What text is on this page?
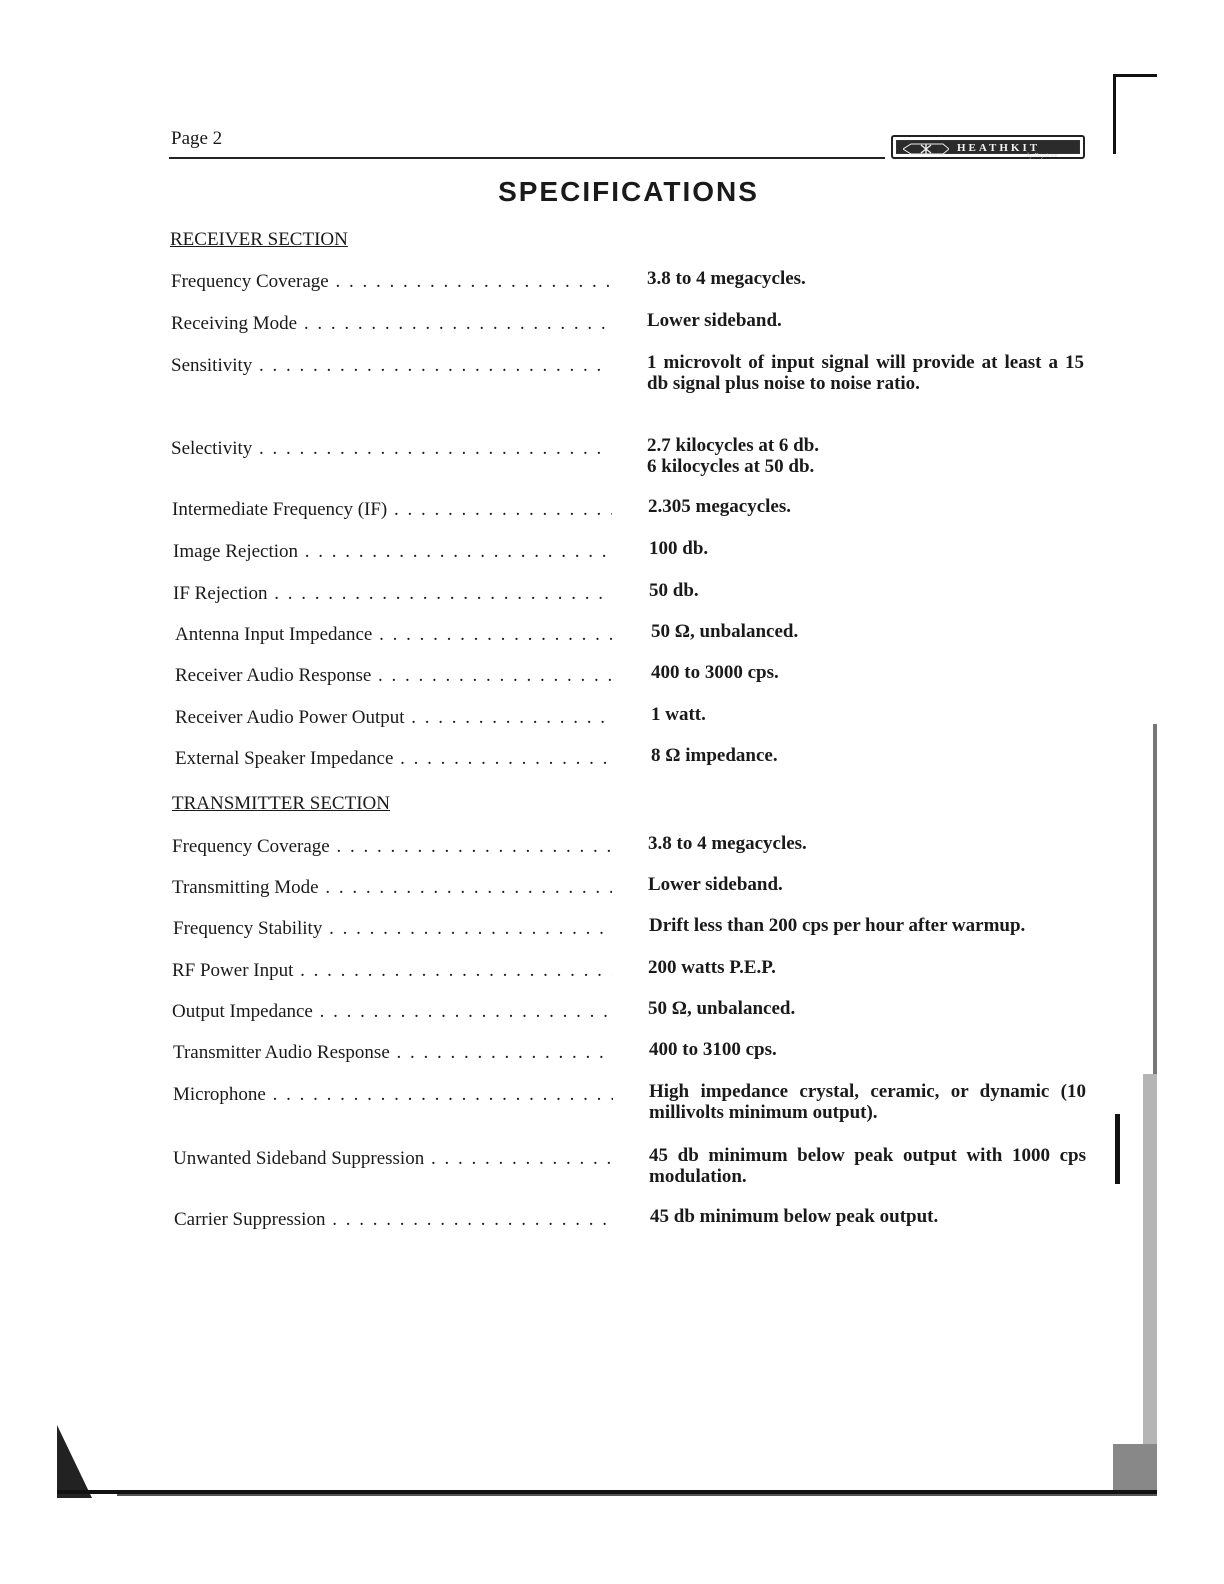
Page 2	HEATHKIT
by Daystrom
SPECIFICATIONS
RECEIVER SECTION
Frequency Coverage . . .	3.8 to 4 megacycles.
Receiving Mode . . .	Lower sideband.
Sensitivity . . .	1 microvolt of input signal will provide at least a 15 db signal plus noise to noise ratio.
Selectivity . . .	2.7 kilocycles at 6 db.
6 kilocycles at 50 db.
Intermediate Frequency (IF) . . .	2.305 megacycles.
Image Rejection . . .	100 db.
IF Rejection . . .	50 db.
Antenna Input Impedance . . .	50 Ω, unbalanced.
Receiver Audio Response . . .	400 to 3000 cps.
Receiver Audio Power Output . . .	1 watt.
External Speaker Impedance . . .	8 Ω impedance.
TRANSMITTER SECTION
Frequency Coverage . . .	3.8 to 4 megacycles.
Transmitting Mode . . .	Lower sideband.
Frequency Stability . . .	Drift less than 200 cps per hour after warmup.
RF Power Input . . .	200 watts P.E.P.
Output Impedance . . .	50 Ω, unbalanced.
Transmitter Audio Response . . .	400 to 3100 cps.
Microphone . . .	High impedance crystal, ceramic, or dynamic (10 millivolts minimum output).
Unwanted Sideband Suppression . . .	45 db minimum below peak output with 1000 cps modulation.
Carrier Suppression . . .	45 db minimum below peak output.
